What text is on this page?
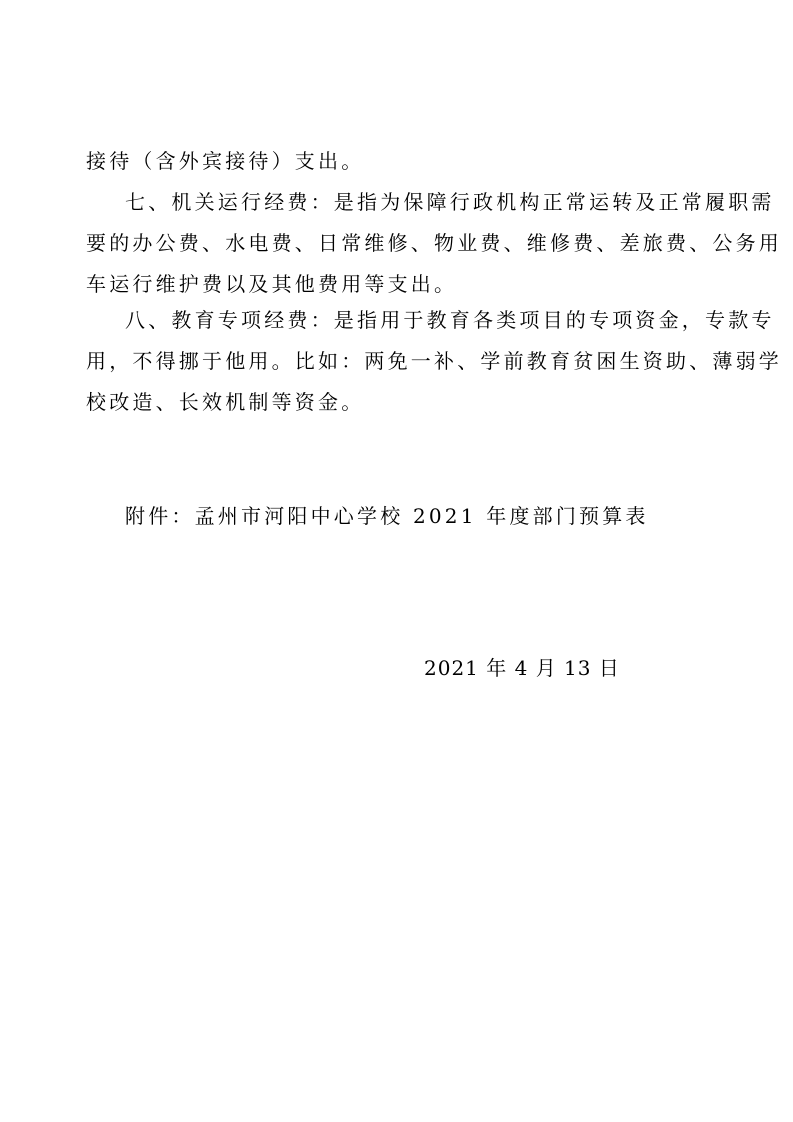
接待（含外宾接待）支出。
七、机关运行经费：是指为保障行政机构正常运转及正常履职需
要的办公费、水电费、日常维修、物业费、维修费、差旅费、公务用
车运行维护费以及其他费用等支出。
八、教育专项经费：是指用于教育各类项目的专项资金，专款专
用，不得挪于他用。比如：两免一补、学前教育贫困生资助、薄弱学
校改造、长效机制等资金。
附件：孟州市河阳中心学校 2021 年度部门预算表
2021 年 4 月 13 日
